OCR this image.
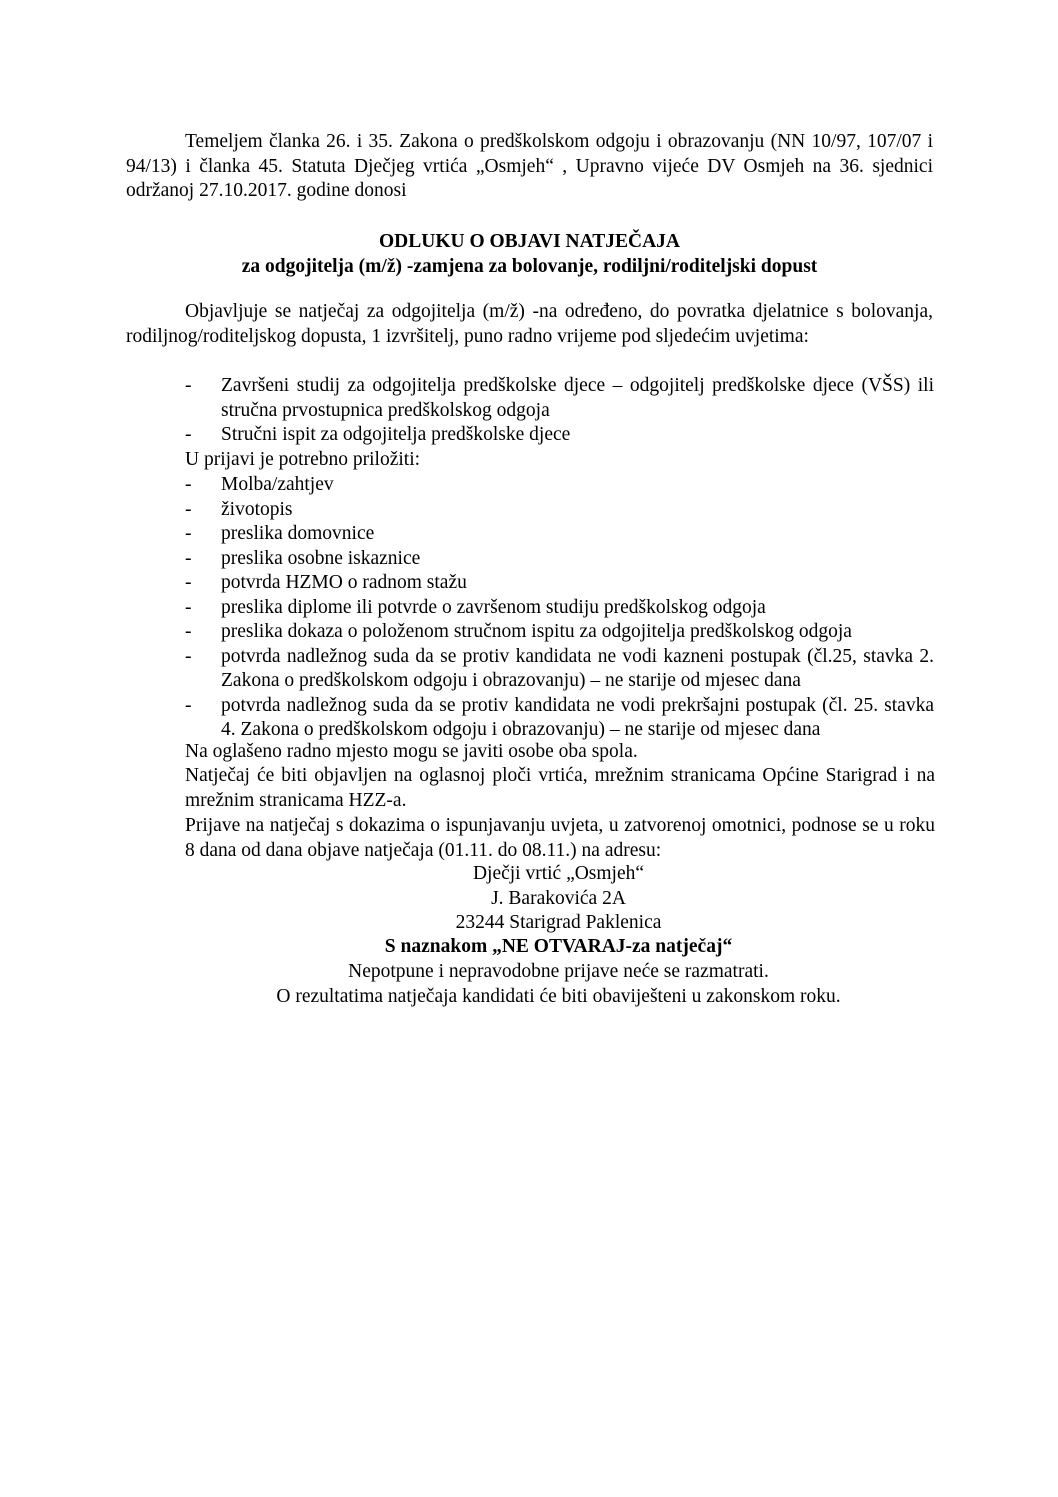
Temeljem članka 26. i 35. Zakona o predškolskom odgoju i obrazovanju (NN 10/97, 107/07 i 94/13) i članka 45. Statuta Dječjeg vrtića „Osmjeh“ , Upravno vijeće DV Osmjeh na 36. sjednici održanoj 27.10.2017. godine donosi

ODLUKU O OBJAVI NATJEČAJA

za odgojitelja (m/ž) -zamjena za bolovanje, rodiljni/roditeljski dopust

Objavljuje se natječaj za odgojitelja (m/ž) -na određeno, do povratka djelatnice s bolovanja, rodiljnog/roditeljskog dopusta, 1 izvršitelj, puno radno vrijeme pod sljedećim uvjetima:

- Završeni studij za odgojitelja predškolske djece – odgojitelj predškolske djece (VŠS) ili stručna prvostupnica predškolskog odgoja
- Stručni ispit za odgojitelja predškolske djece

U prijavi je potrebno priložiti:

- Molba/zahtjev
- životopis
- preslika domovnice
- preslika osobne iskaznice
- potvrda HZMO o radnom stažu
- preslika diplome ili potvrde o završenom studiju predškolskog odgoja
- preslika dokaza o položenom stručnom ispitu za odgojitelja predškolskog odgoja
- potvrda nadležnog suda da se protiv kandidata ne vodi kazneni postupak (čl.25, stavka 2. Zakona o predškolskom odgoju i obrazovanju) – ne starije od mjesec dana
- potvrda nadležnog suda da se protiv kandidata ne vodi prekršajni postupak (čl. 25. stavka 4. Zakona o predškolskom odgoju i obrazovanju) – ne starije od mjesec dana

Na oglašeno radno mjesto mogu se javiti osobe oba spola.

Natječaj će biti objavljen na oglasnoj ploči vrtića, mrežnim stranicama Općine Starigrad i na mrežnim stranicama HZZ-a.

Prijave na natječaj s dokazima o ispunjavanju uvjeta, u zatvorenoj omotnici, podnose se u roku 8 dana od dana objave natječaja (01.11. do 08.11.) na adresu:

Dječji vrtić „Osmjeh“

J. Barakovića 2A

23244 Starigrad Paklenica

S naznakom „NE OTVARAJ-za natječaj“

Nepotpune i nepravodobne prijave neće se razmatrati.

O rezultatima natječaja kandidati će biti obaviješteni u zakonskom roku.
